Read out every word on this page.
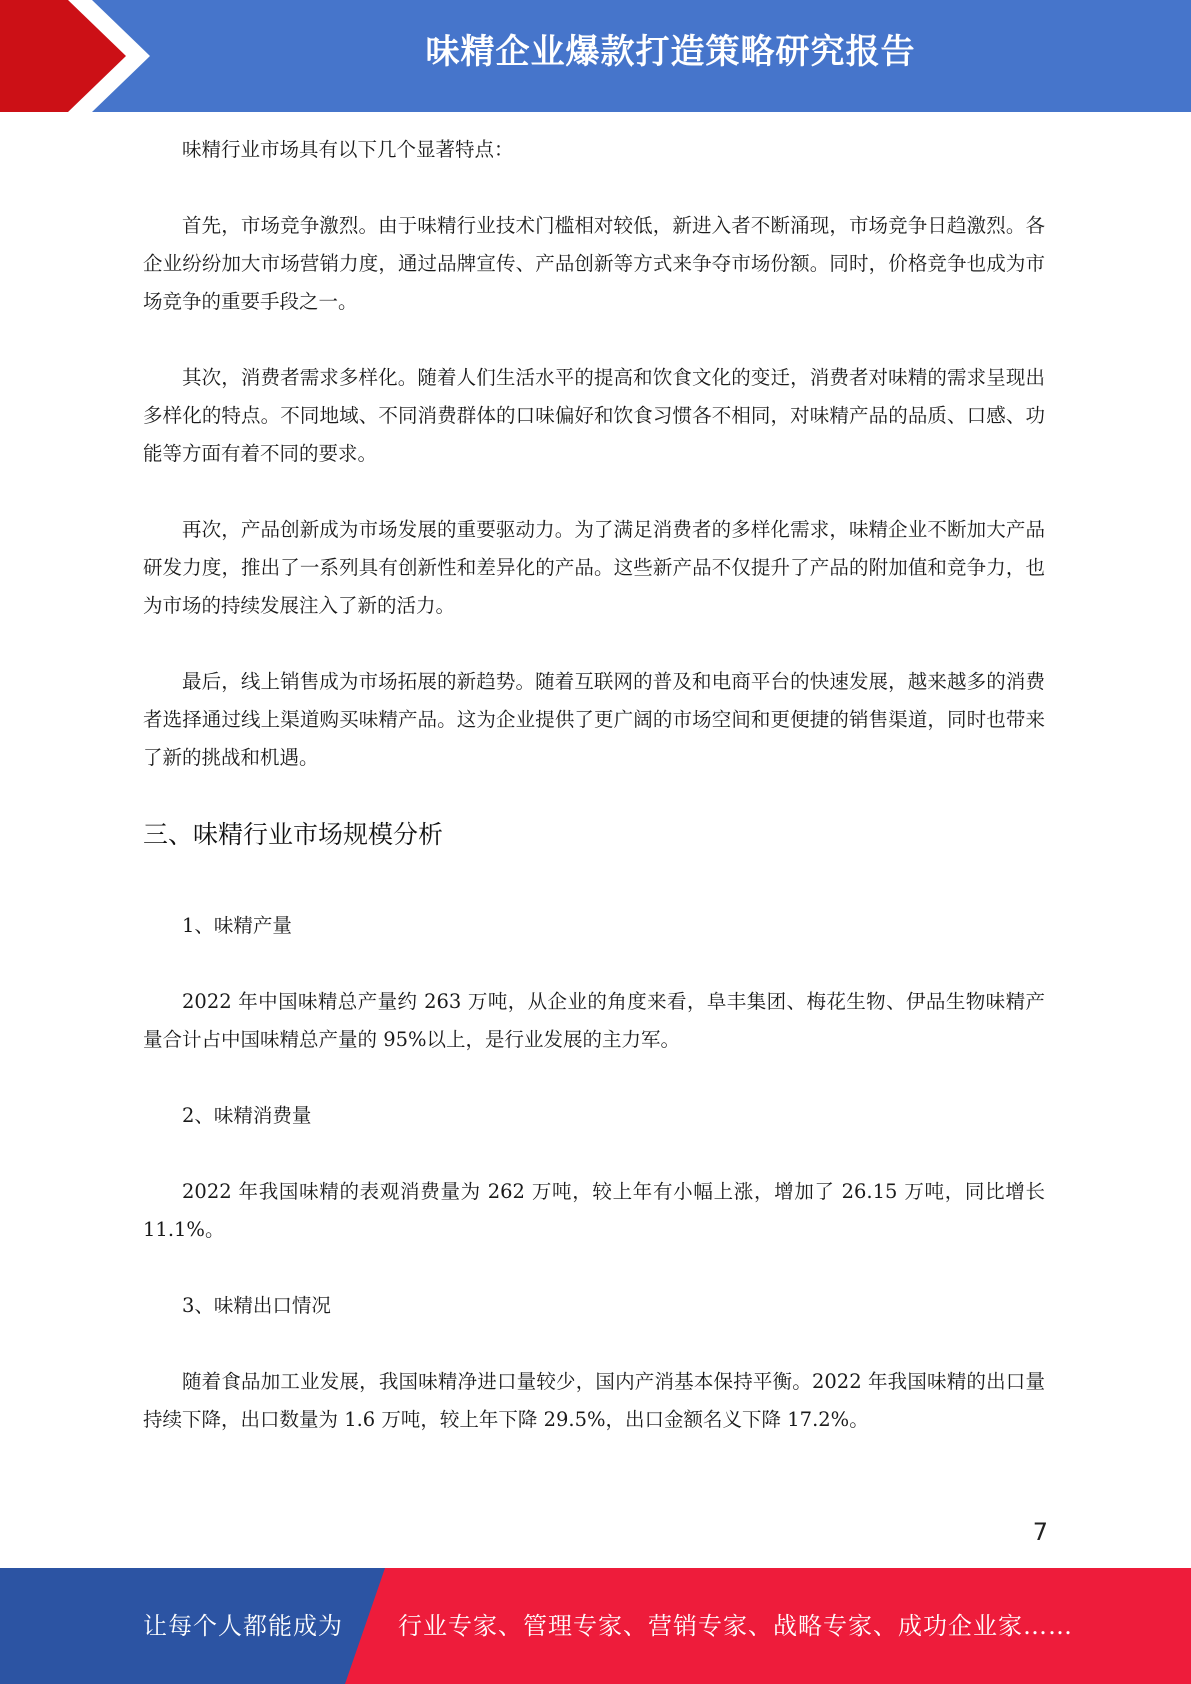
味精企业爆款打造策略研究报告

味精行业市场具有以下几个显著特点：

首先，市场竞争激烈。由于味精行业技术门槛相对较低，新进入者不断涌现，市场竞争日趋激烈。各企业纷纷加大市场营销力度，通过品牌宣传、产品创新等方式来争夺市场份额。同时，价格竞争也成为市场竞争的重要手段之一。

其次，消费者需求多样化。随着人们生活水平的提高和饮食文化的变迁，消费者对味精的需求呈现出多样化的特点。不同地域、不同消费群体的口味偏好和饮食习惯各不相同，对味精产品的品质、口感、功能等方面有着不同的要求。

再次，产品创新成为市场发展的重要驱动力。为了满足消费者的多样化需求，味精企业不断加大产品研发力度，推出了一系列具有创新性和差异化的产品。这些新产品不仅提升了产品的附加值和竞争力，也为市场的持续发展注入了新的活力。

最后，线上销售成为市场拓展的新趋势。随着互联网的普及和电商平台的快速发展，越来越多的消费者选择通过线上渠道购买味精产品。这为企业提供了更广阔的市场空间和更便捷的销售渠道，同时也带来了新的挑战和机遇。

三、味精行业市场规模分析

1、味精产量

2022 年中国味精总产量约 263 万吨，从企业的角度来看，阜丰集团、梅花生物、伊品生物味精产量合计占中国味精总产量的 95%以上，是行业发展的主力军。

2、味精消费量

2022 年我国味精的表观消费量为 262 万吨，较上年有小幅上涨，增加了 26.15 万吨，同比增长 11.1%。

3、味精出口情况

随着食品加工业发展，我国味精净进口量较少，国内产消基本保持平衡。2022 年我国味精的出口量持续下降，出口数量为 1.6 万吨，较上年下降 29.5%，出口金额名义下降 17.2%。

7
让每个人都能成为 行业专家、管理专家、营销专家、战略专家、成功企业家……
